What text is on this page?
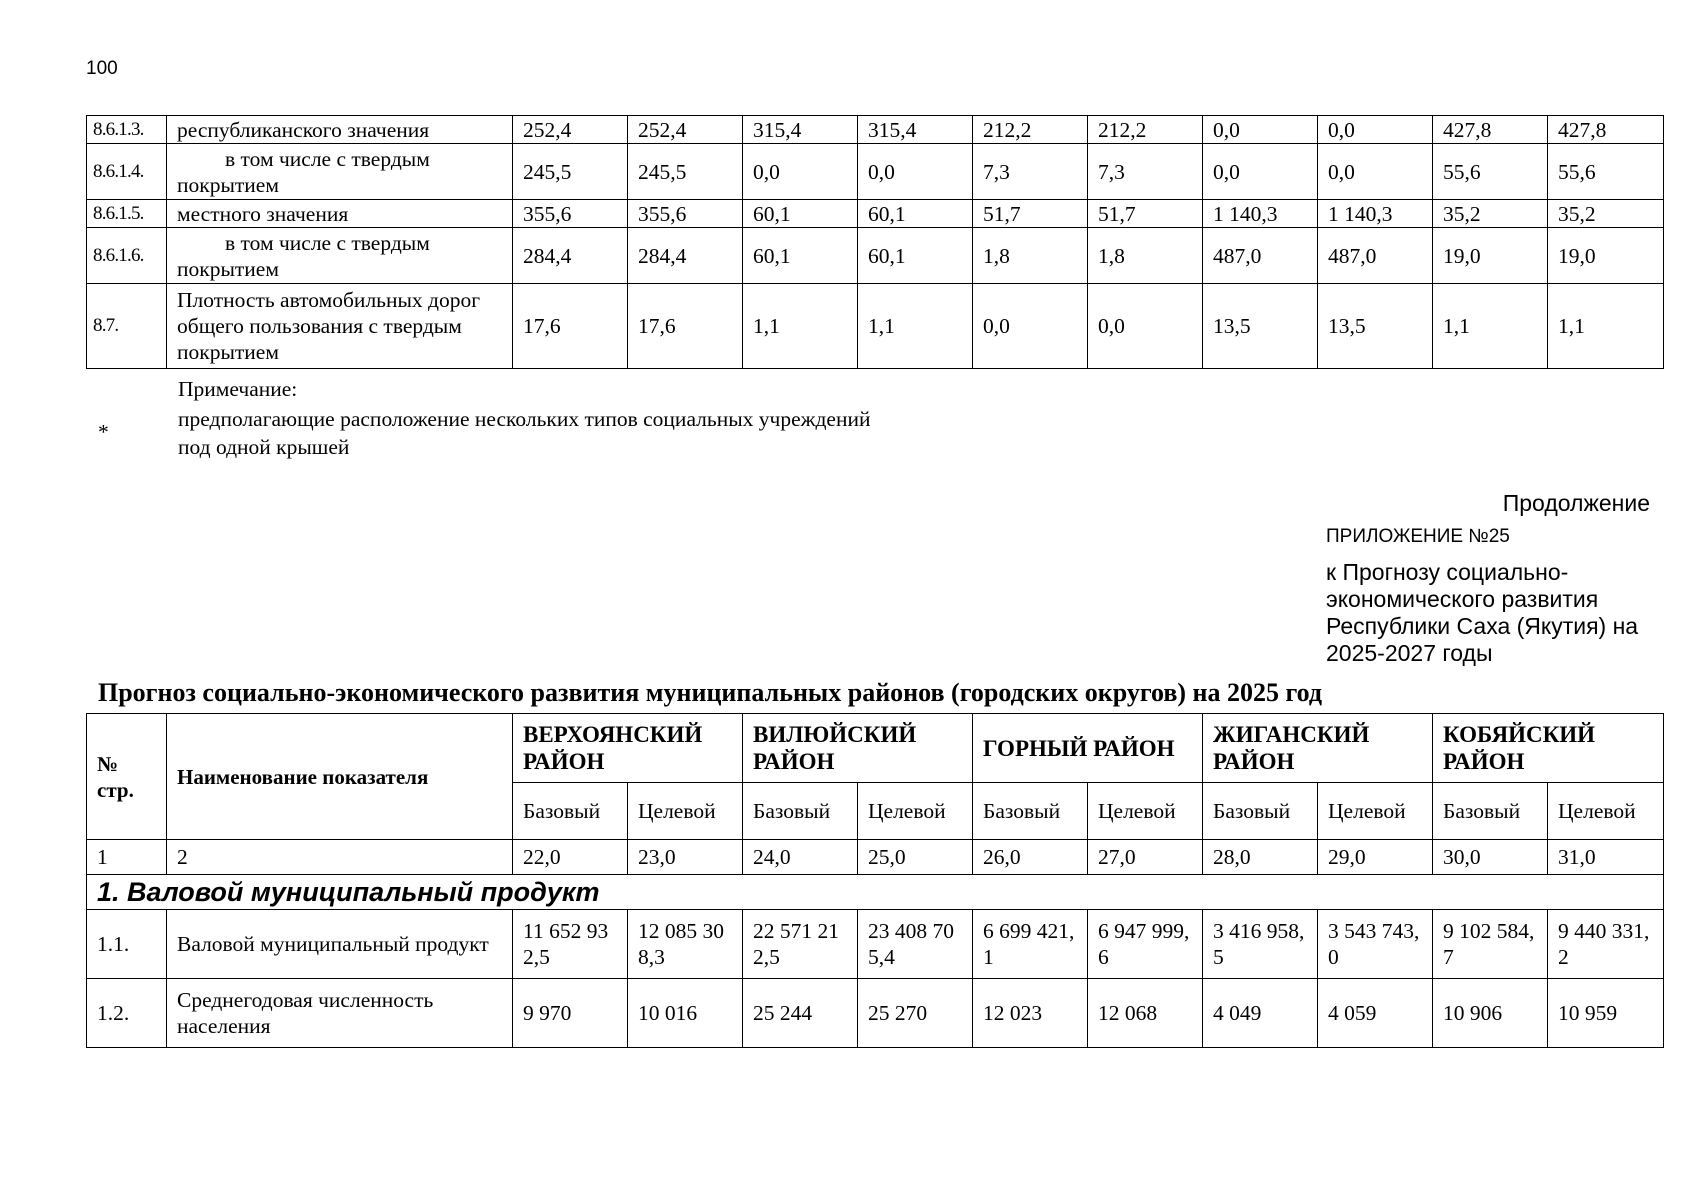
100
8.6.1.3.	республиканского значения	252,4	252,4	315,4	315,4	212,2	212,2	0,0	0,0	427,8	427,8
8.6.1.4.	в том числе с твердым покрытием	245,5	245,5	0,0	0,0	7,3	7,3	0,0	0,0	55,6	55,6
8.6.1.5.	местного значения	355,6	355,6	60,1	60,1	51,7	51,7	1 140,3	1 140,3	35,2	35,2
8.6.1.6.	в том числе с твердым покрытием	284,4	284,4	60,1	60,1	1,8	1,8	487,0	487,0	19,0	19,0
8.7.	Плотность автомобильных дорог общего пользования с твердым покрытием	17,6	17,6	1,1	1,1	0,0	0,0	13,5	13,5	1,1	1,1
Примечание:
*
предполагающие расположение нескольких типов социальных учреждений под одной крышей
Продолжение
ПРИЛОЖЕНИЕ №25
к Прогнозу социально-экономического развития Республики Саха (Якутия) на 2025-2027 годы
Прогноз социально-экономического развития муниципальных районов (городских округов) на 2025 год
№ стр.	Наименование показателя	ВЕРХОЯНСКИЙ РАЙОН		ВИЛЮЙСКИЙ РАЙОН		ГОРНЫЙ РАЙОН		ЖИГАНСКИЙ РАЙОН		КОБЯЙСКИЙ РАЙОН	
		Базовый	Целевой	Базовый	Целевой	Базовый	Целевой	Базовый	Целевой	Базовый	Целевой
1	2	22,0	23,0	24,0	25,0	26,0	27,0	28,0	29,0	30,0	31,0
1. Валовой муниципальный продукт											
1.1.	Валовой муниципальный продукт	11 652 932,5	12 085 308,3	22 571 212,5	23 408 705,4	6 699 421,1	6 947 999,6	3 416 958,5	3 543 743,0	9 102 584,7	9 440 331,2
1.2.	Среднегодовая численность населения	9 970	10 016	25 244	25 270	12 023	12 068	4 049	4 059	10 906	10 959
